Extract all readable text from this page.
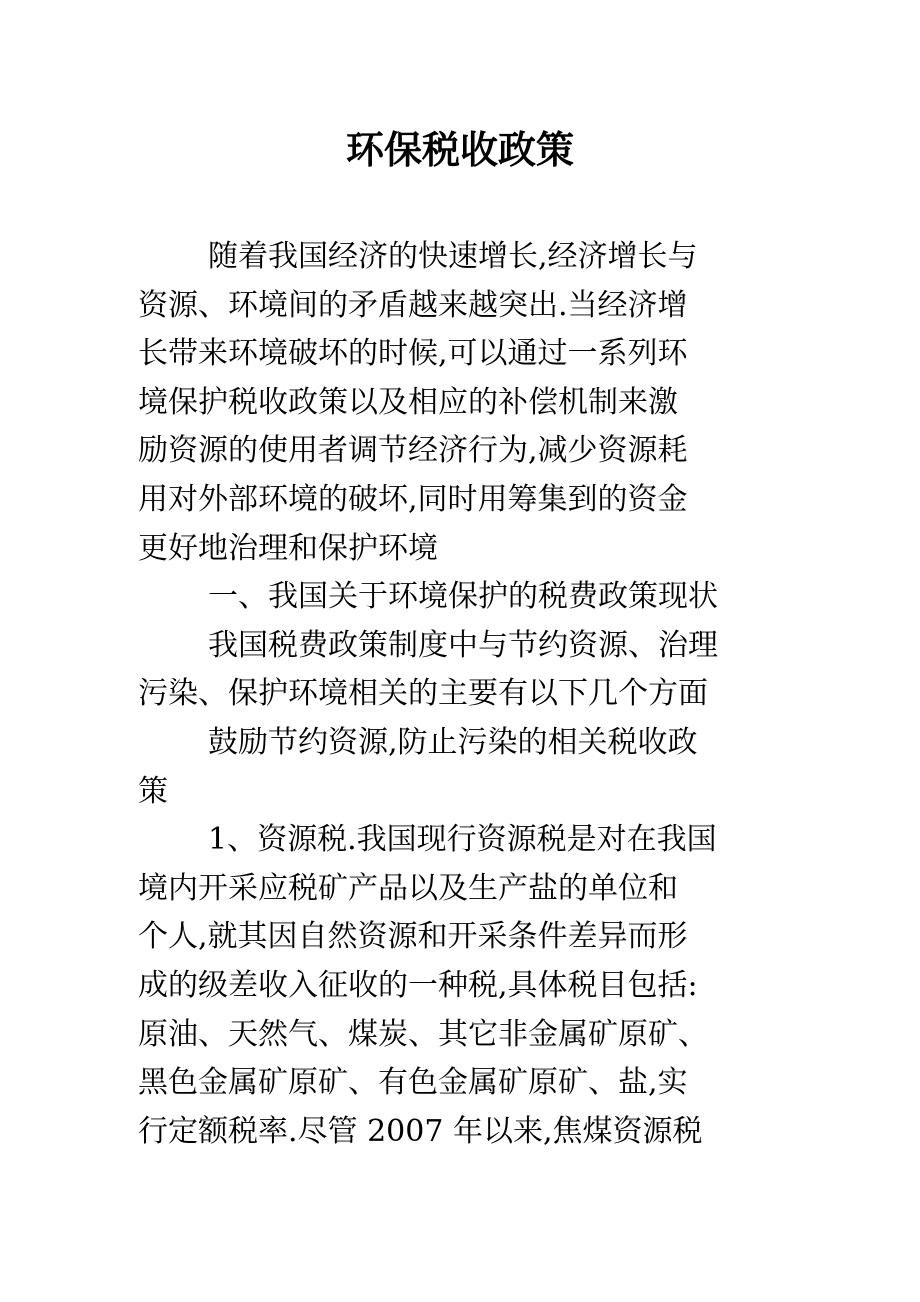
环保税收政策
随着我国经济的快速增长,经济增长与
资源、环境间的矛盾越来越突出.当经济增
长带来环境破坏的时候,可以通过一系列环
境保护税收政策以及相应的补偿机制来激
励资源的使用者调节经济行为,减少资源耗
用对外部环境的破坏,同时用筹集到的资金
更好地治理和保护环境
一、我国关于环境保护的税费政策现状
我国税费政策制度中与节约资源、治理
污染、保护环境相关的主要有以下几个方面
鼓励节约资源,防止污染的相关税收政
策
1、资源税.我国现行资源税是对在我国
境内开采应税矿产品以及生产盐的单位和
个人,就其因自然资源和开采条件差异而形
成的级差收入征收的一种税,具体税目包括:
原油、天然气、煤炭、其它非金属矿原矿、
黑色金属矿原矿、有色金属矿原矿、盐,实
行定额税率.尽管 2007 年以来,焦煤资源税
